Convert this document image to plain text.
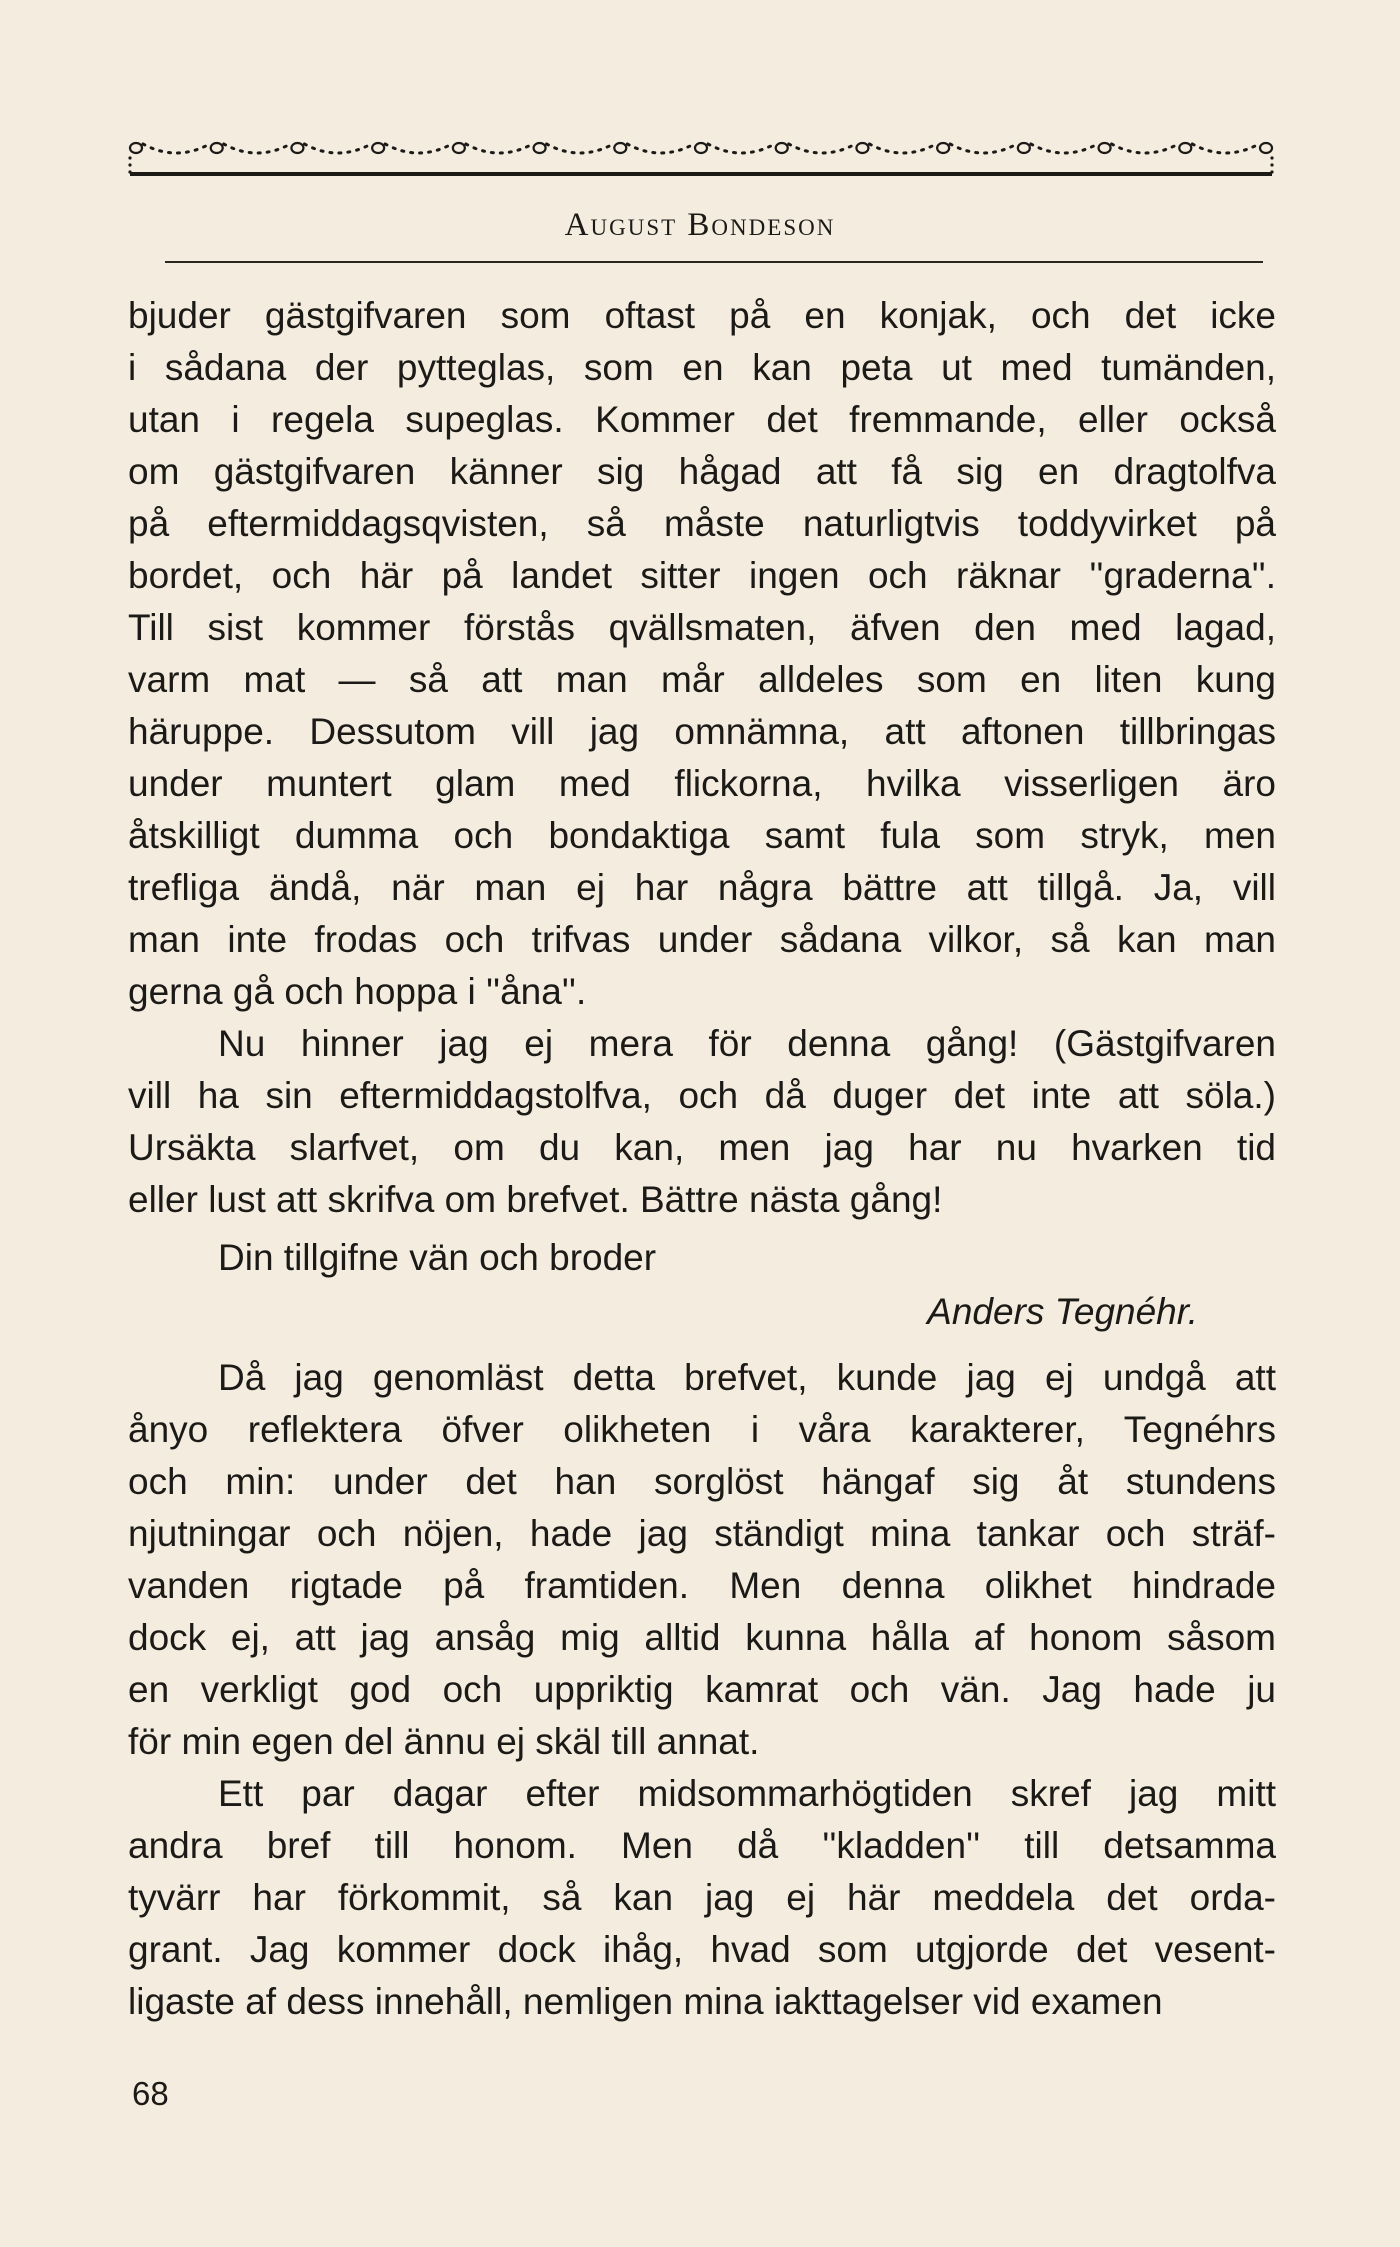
August Bondeson
bjuder gästgifvaren som oftast på en konjak, och det icke
i sådana der pytteglas, som en kan peta ut med tumänden,
utan i regela supeglas. Kommer det fremmande, eller också
om gästgifvaren känner sig hågad att få sig en dragtolfva
på eftermiddagsqvisten, så måste naturligtvis toddyvirket på
bordet, och här på landet sitter ingen och räknar ''graderna''.
Till sist kommer förstås qvällsmaten, äfven den med lagad,
varm mat — så att man mår alldeles som en liten kung
häruppe. Dessutom vill jag omnämna, att aftonen tillbringas
under muntert glam med flickorna, hvilka visserligen äro
åtskilligt dumma och bondaktiga samt fula som stryk, men
trefliga ändå, när man ej har några bättre att tillgå. Ja, vill
man inte frodas och trifvas under sådana vilkor, så kan man
gerna gå och hoppa i ''åna''.
Nu hinner jag ej mera för denna gång! (Gästgifvaren
vill ha sin eftermiddagstolfva, och då duger det inte att söla.)
Ursäkta slarfvet, om du kan, men jag har nu hvarken tid
eller lust att skrifva om brefvet. Bättre nästa gång!
Din tillgifne vän och broder
Anders Tegnéhr.
Då jag genomläst detta brefvet, kunde jag ej undgå att
ånyo reflektera öfver olikheten i våra karakterer, Tegnéhrs
och min: under det han sorglöst hängaf sig åt stundens
njutningar och nöjen, hade jag ständigt mina tankar och sträf-
vanden rigtade på framtiden. Men denna olikhet hindrade
dock ej, att jag ansåg mig alltid kunna hålla af honom såsom
en verkligt god och uppriktig kamrat och vän. Jag hade ju
för min egen del ännu ej skäl till annat.
Ett par dagar efter midsommarhögtiden skref jag mitt
andra bref till honom. Men då ''kladden'' till detsamma
tyvärr har förkommit, så kan jag ej här meddela det orda-
grant. Jag kommer dock ihåg, hvad som utgjorde det vesent-
ligaste af dess innehåll, nemligen mina iakttagelser vid examen
68
